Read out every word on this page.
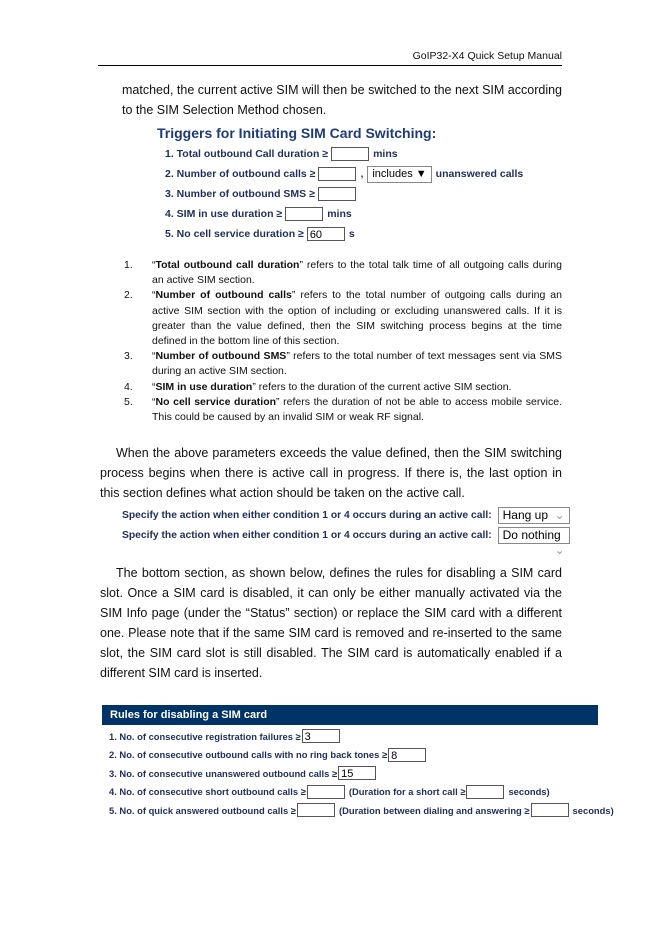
GoIP32-X4 Quick Setup Manual
matched, the current active SIM will then be switched to the next SIM according to the SIM Selection Method chosen.
Triggers for Initiating SIM Card Switching:
1. Total outbound Call duration ≥	mins
2. Number of outbound calls ≥	, includes ▼ unanswered calls
3. Number of outbound SMS ≥
4. SIM in use duration ≥	mins
5. No cell service duration ≥ 60	s
1.	“Total outbound call duration” refers to the total talk time of all outgoing calls during an active SIM section.
2.	“Number of outbound calls” refers to the total number of outgoing calls during an active SIM section with the option of including or excluding unanswered calls. If it is greater than the value defined, then the SIM switching process begins at the time defined in the bottom line of this section.
3.	“Number of outbound SMS” refers to the total number of text messages sent via SMS during an active SIM section.
4.	“SIM in use duration” refers to the duration of the current active SIM section.
5.	“No cell service duration” refers the duration of not be able to access mobile service. This could be caused by an invalid SIM or weak RF signal.
When the above parameters exceeds the value defined, then the SIM switching process begins when there is active call in progress. If there is, the last option in this section defines what action should be taken on the active call.
Specify the action when either condition 1 or 4 occurs during an active call: Hang up ⌄
Specify the action when either condition 1 or 4 occurs during an active call: Do nothing
⌄
The bottom section, as shown below, defines the rules for disabling a SIM card slot. Once a SIM card is disabled, it can only be either manually activated via the SIM Info page (under the “Status” section) or replace the SIM card with a different one. Please note that if the same SIM card is removed and re-inserted to the same slot, the SIM card slot is still disabled. The SIM card is automatically enabled if a different SIM card is inserted.
Rules for disabling a SIM card
1. No. of consecutive registration failures ≥ 3
2. No. of consecutive outbound calls with no ring back tones ≥ 8
3. No. of consecutive unanswered outbound calls ≥ 15
4. No. of consecutive short outbound calls ≥	(Duration for a short call ≥	seconds)
5. No. of quick answered outbound calls ≥	(Duration between dialing and answering ≥	seconds)
